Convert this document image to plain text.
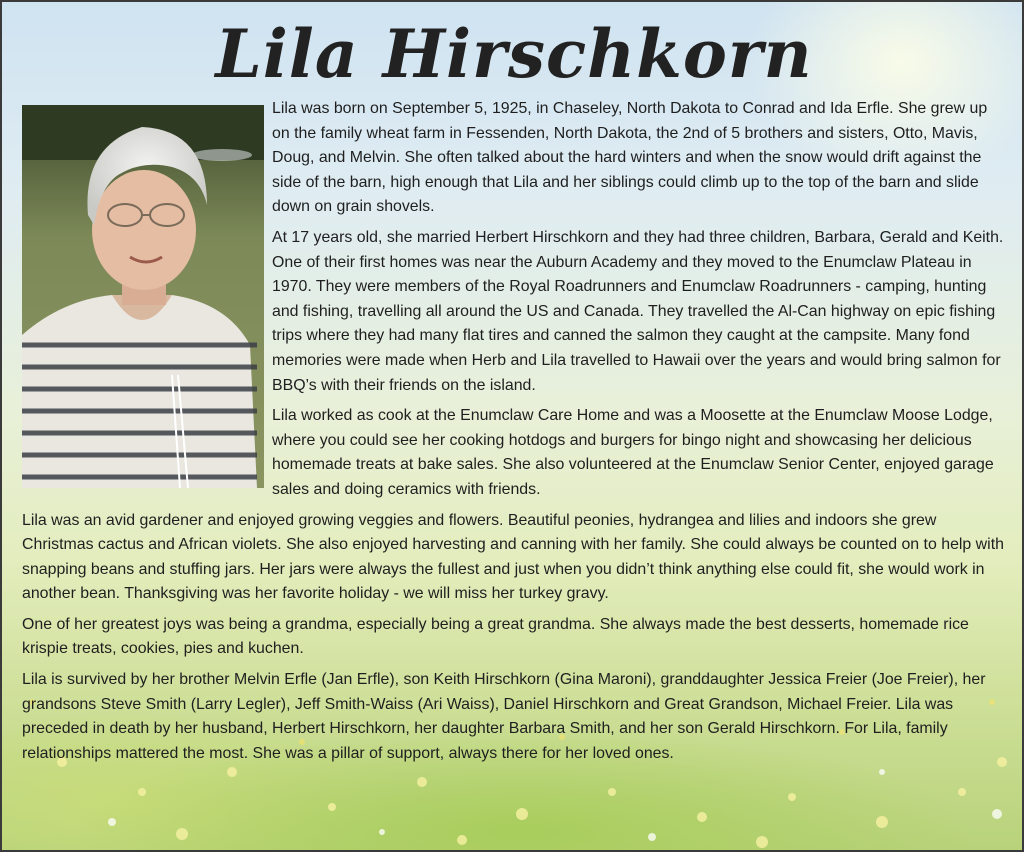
Lila Hirschkorn

Lila was born on September 5, 1925, in Chaseley, North Dakota to Conrad and Ida Erfle. She grew up on the family wheat farm in Fessenden, North Dakota, the 2nd of 5 brothers and sisters, Otto, Mavis, Doug, and Melvin. She often talked about the hard winters and when the snow would drift against the side of the barn, high enough that Lila and her siblings could climb up to the top of the barn and slide down on grain shovels.

At 17 years old, she married Herbert Hirschkorn and they had three children, Barbara, Gerald and Keith. One of their first homes was near the Auburn Academy and they moved to the Enumclaw Plateau in 1970. They were members of the Royal Roadrunners and Enumclaw Roadrunners - camping, hunting and fishing, travelling all around the US and Canada. They travelled the Al-Can highway on epic fishing trips where they had many flat tires and canned the salmon they caught at the campsite. Many fond memories were made when Herb and Lila travelled to Hawaii over the years and would bring salmon for BBQ’s with their friends on the island.

Lila worked as cook at the Enumclaw Care Home and was a Moosette at the Enumclaw Moose Lodge, where you could see her cooking hotdogs and burgers for bingo night and showcasing her delicious homemade treats at bake sales. She also volunteered at the Enumclaw Senior Center, enjoyed garage sales and doing ceramics with friends.

Lila was an avid gardener and enjoyed growing veggies and flowers. Beautiful peonies, hydrangea and lilies and indoors she grew Christmas cactus and African violets. She also enjoyed harvesting and canning with her family. She could always be counted on to help with snapping beans and stuffing jars. Her jars were always the fullest and just when you didn’t think anything else could fit, she would work in another bean. Thanksgiving was her favorite holiday - we will miss her turkey gravy.

One of her greatest joys was being a grandma, especially being a great grandma. She always made the best desserts, homemade rice krispie treats, cookies, pies and kuchen.

Lila is survived by her brother Melvin Erfle (Jan Erfle), son Keith Hirschkorn (Gina Maroni), granddaughter Jessica Freier (Joe Freier), her grandsons Steve Smith (Larry Legler), Jeff Smith-Waiss (Ari Waiss), Daniel Hirschkorn and Great Grandson, Michael Freier. Lila was preceded in death by her husband, Herbert Hirschkorn, her daughter Barbara Smith, and her son Gerald Hirschkorn. For Lila, family relationships mattered the most. She was a pillar of support, always there for her loved ones.
